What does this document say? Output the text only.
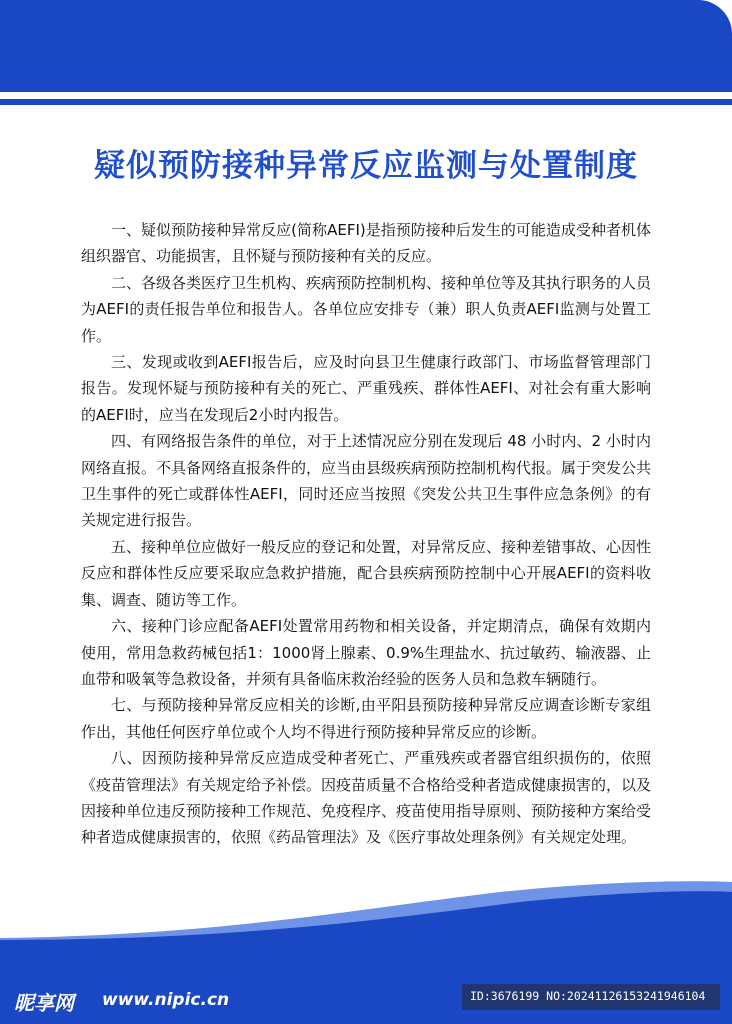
疑似预防接种异常反应监测与处置制度

一、疑似预防接种异常反应(简称AEFI)是指预防接种后发生的可能造成受种者机体组织器官、功能损害，且怀疑与预防接种有关的反应。

二、各级各类医疗卫生机构、疾病预防控制机构、接种单位等及其执行职务的人员为AEFI的责任报告单位和报告人。各单位应安排专（兼）职人负责AEFI监测与处置工作。

三、发现或收到AEFI报告后，应及时向县卫生健康行政部门、市场监督管理部门报告。发现怀疑与预防接种有关的死亡、严重残疾、群体性AEFI、对社会有重大影响的AEFI时，应当在发现后2小时内报告。

四、有网络报告条件的单位，对于上述情况应分别在发现后 48 小时内、2 小时内网络直报。不具备网络直报条件的，应当由县级疾病预防控制机构代报。属于突发公共卫生事件的死亡或群体性AEFI，同时还应当按照《突发公共卫生事件应急条例》的有关规定进行报告。

五、接种单位应做好一般反应的登记和处置，对异常反应、接种差错事故、心因性反应和群体性反应要采取应急救护措施，配合县疾病预防控制中心开展AEFI的资料收集、调查、随访等工作。

六、接种门诊应配备AEFI处置常用药物和相关设备，并定期清点，确保有效期内使用，常用急救药械包括1：1000肾上腺素、0.9%生理盐水、抗过敏药、输液器、止血带和吸氧等急救设备，并须有具备临床救治经验的医务人员和急救车辆随行。

七、与预防接种异常反应相关的诊断,由平阳县预防接种异常反应调查诊断专家组作出，其他任何医疗单位或个人均不得进行预防接种异常反应的诊断。

八、因预防接种异常反应造成受种者死亡、严重残疾或者器官组织损伤的，依照《疫苗管理法》有关规定给予补偿。因疫苗质量不合格给受种者造成健康损害的，以及因接种单位违反预防接种工作规范、免疫程序、疫苗使用指导原则、预防接种方案给受种者造成健康损害的，依照《药品管理法》及《医疗事故处理条例》有关规定处理。

昵享网 www.nipic.cn	ID:3676199 NO:20241126153241946104
